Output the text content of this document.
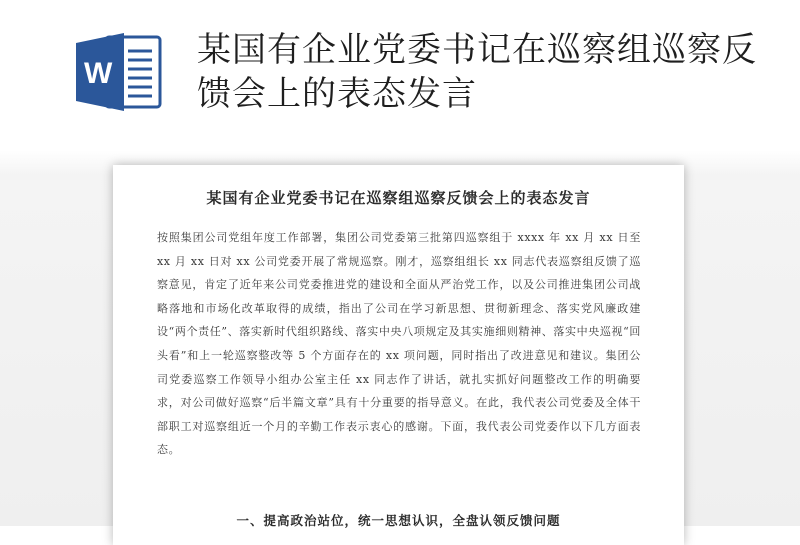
W
某国有企业党委书记在巡察组巡察反馈会上的表态发言
某国有企业党委书记在巡察组巡察反馈会上的表态发言
按照集团公司党组年度工作部署，集团公司党委第三批第四巡察组于 xxxx 年 xx 月 xx 日至 xx 月 xx 日对 xx 公司党委开展了常规巡察。刚才，巡察组组长 xx 同志代表巡察组反馈了巡察意见，肯定了近年来公司党委推进党的建设和全面从严治党工作，以及公司推进集团公司战略落地和市场化改革取得的成绩，指出了公司在学习新思想、贯彻新理念、落实党风廉政建设“两个责任”、落实新时代组织路线、落实中央八项规定及其实施细则精神、落实中央巡视“回头看”和上一轮巡察整改等 5 个方面存在的 xx 项问题，同时指出了改进意见和建议。集团公司党委巡察工作领导小组办公室主任 xx 同志作了讲话，就扎实抓好问题整改工作的明确要求，对公司做好巡察“后半篇文章”具有十分重要的指导意义。在此，我代表公司党委及全体干部职工对巡察组近一个月的辛勤工作表示衷心的感谢。下面，我代表公司党委作以下几方面表态。
一、提高政治站位，统一思想认识，全盘认领反馈问题
